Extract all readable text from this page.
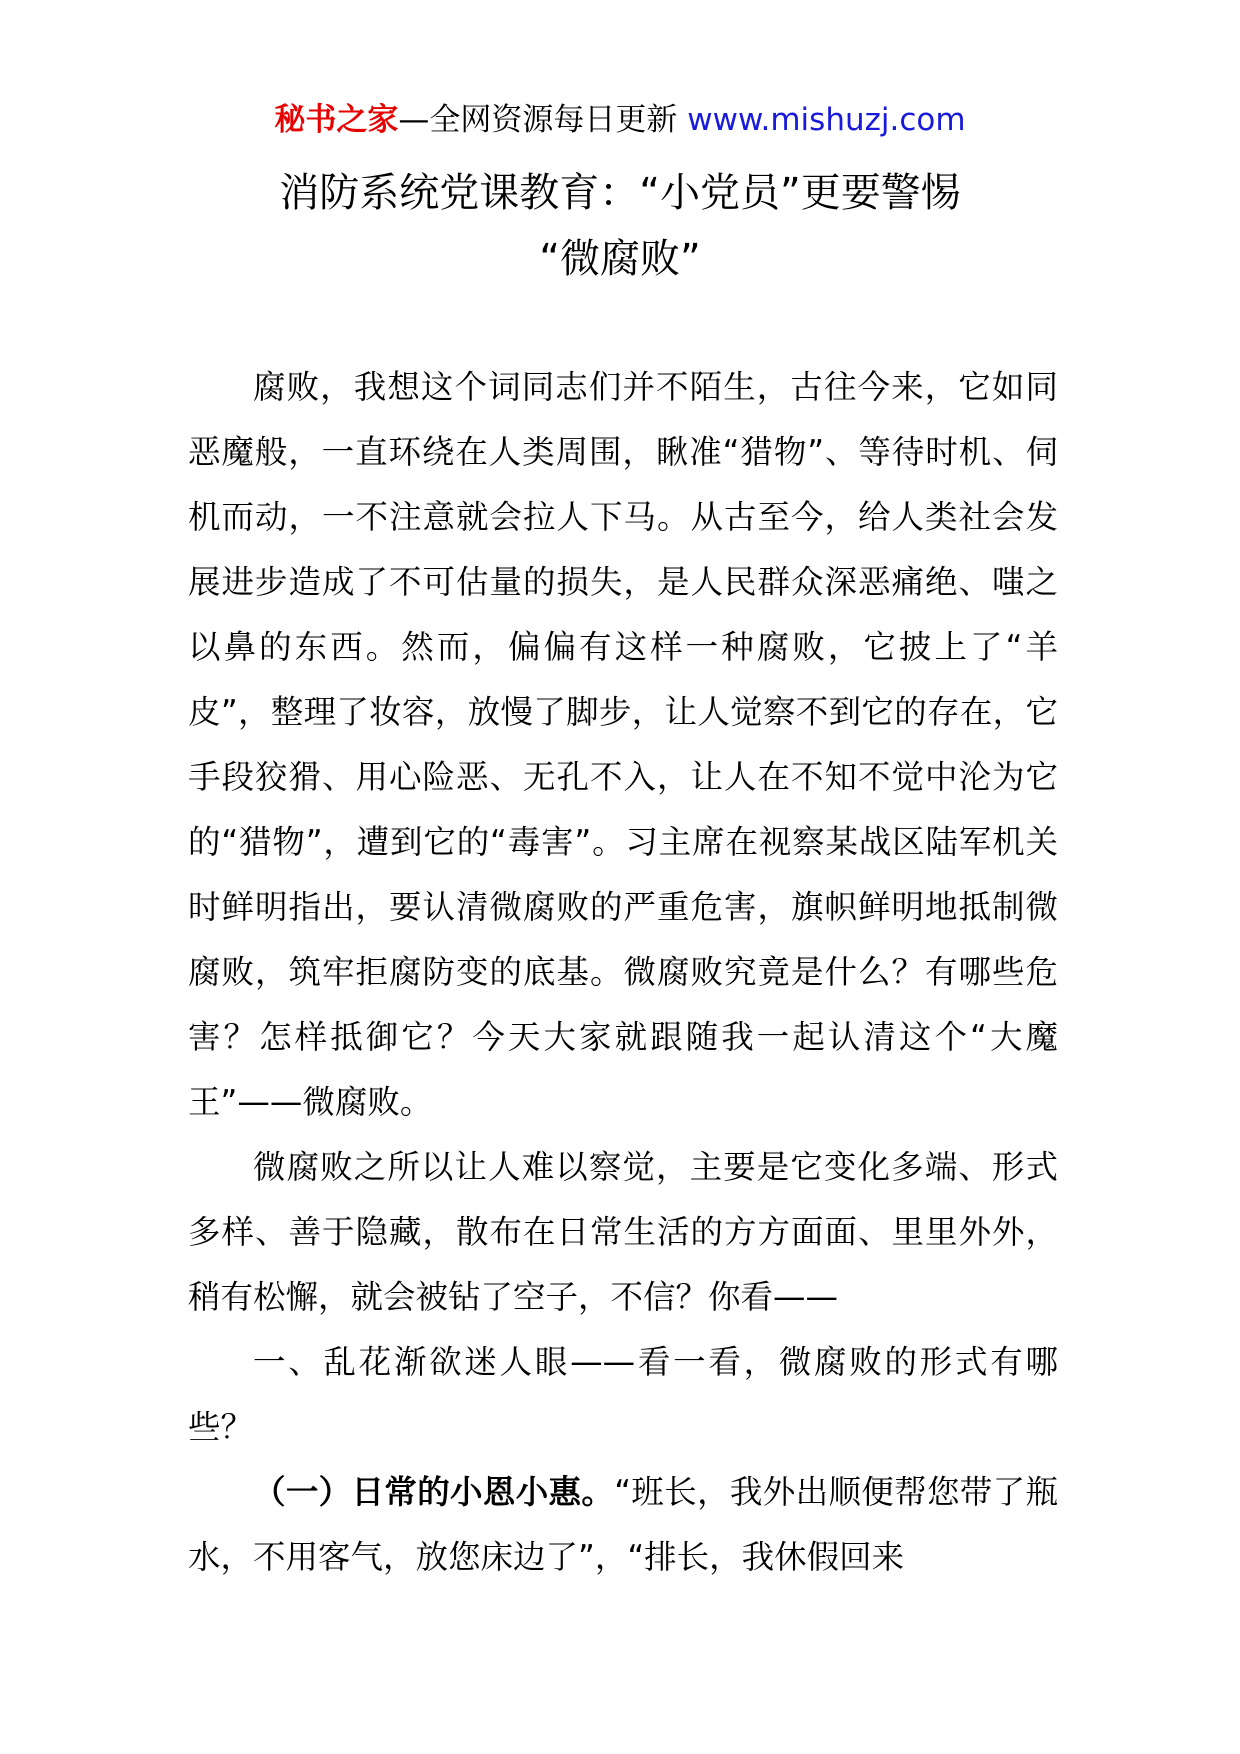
秘书之家—全网资源每日更新 www.mishuzj.com
消防系统党课教育：“小党员”更要警惕
“微腐败”

腐败，我想这个词同志们并不陌生，古往今来，它如同恶魔般，一直环绕在人类周围，瞅准“猎物”、等待时机、伺机而动，一不注意就会拉人下马。从古至今，给人类社会发展进步造成了不可估量的损失，是人民群众深恶痛绝、嗤之以鼻的东西。然而，偏偏有这样一种腐败，它披上了“羊皮”，整理了妆容，放慢了脚步，让人觉察不到它的存在，它手段狡猾、用心险恶、无孔不入，让人在不知不觉中沦为它的“猎物”，遭到它的“毒害”。习主席在视察某战区陆军机关时鲜明指出，要认清微腐败的严重危害，旗帜鲜明地抵制微腐败，筑牢拒腐防变的底基。微腐败究竟是什么？有哪些危害？怎样抵御它？今天大家就跟随我一起认清这个“大魔王”——微腐败。

微腐败之所以让人难以察觉，主要是它变化多端、形式多样、善于隐藏，散布在日常生活的方方面面、里里外外，稍有松懈，就会被钻了空子，不信？你看——

一、乱花渐欲迷人眼——看一看，微腐败的形式有哪些？

（一）日常的小恩小惠。“班长，我外出顺便帮您带了瓶水，不用客气，放您床边了”，“排长，我休假回来
